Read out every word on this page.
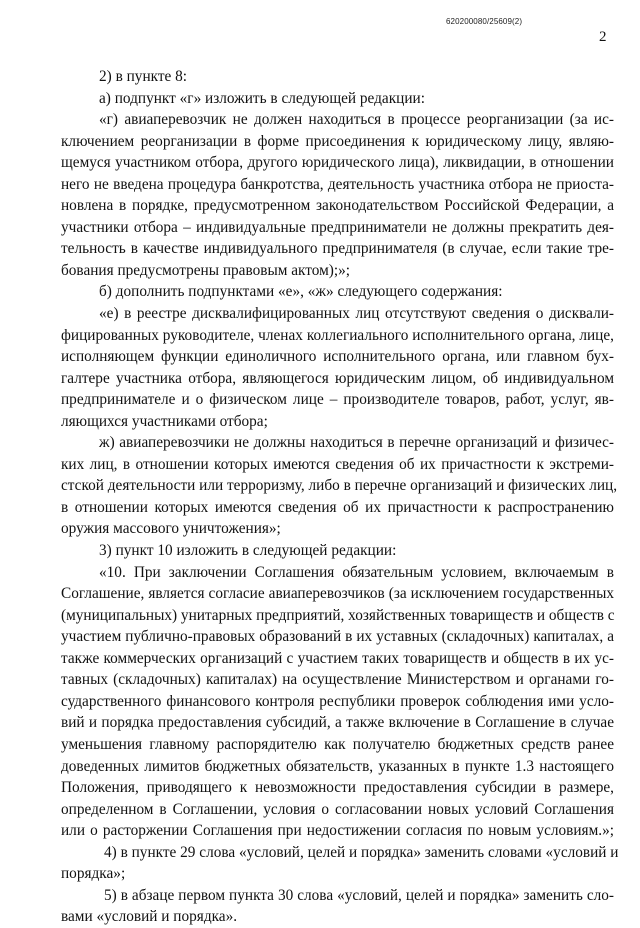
620200080/25609(2)
2
2) в пункте 8:
а) подпункт «г» изложить в следующей редакции:
«г) авиаперевозчик не должен находиться в процессе реорганизации (за ис-
ключением реорганизации в форме присоединения к юридическому лицу, являю-
щемуся участником отбора, другого юридического лица), ликвидации, в отношении
него не введена процедура банкротства, деятельность участника отбора не приоста-
новлена в порядке, предусмотренном законодательством Российской Федерации, а
участники отбора – индивидуальные предприниматели не должны прекратить дея-
тельность в качестве индивидуального предпринимателя (в случае, если такие тре-
бования предусмотрены правовым актом);»;
б) дополнить подпунктами «е», «ж» следующего содержания:
«е) в реестре дисквалифицированных лиц отсутствуют сведения о дисквали-
фицированных руководителе, членах коллегиального исполнительного органа, лице,
исполняющем функции единоличного исполнительного органа, или главном бух-
галтере участника отбора, являющегося юридическим лицом, об индивидуальном
предпринимателе и о физическом лице – производителе товаров, работ, услуг, яв-
ляющихся участниками отбора;
ж) авиаперевозчики не должны находиться в перечне организаций и физичес-
ких лиц, в отношении которых имеются сведения об их причастности к экстреми-
стской деятельности или терроризму, либо в перечне организаций и физических лиц,
в отношении которых имеются сведения об их причастности к распространению
оружия массового уничтожения»;
3) пункт 10 изложить в следующей редакции:
«10. При заключении Соглашения обязательным условием, включаемым в
Соглашение, является согласие авиаперевозчиков (за исключением государственных
(муниципальных) унитарных предприятий, хозяйственных товариществ и обществ с
участием публично-правовых образований в их уставных (складочных) капиталах, а
также коммерческих организаций с участием таких товариществ и обществ в их ус-
тавных (складочных) капиталах) на осуществление Министерством и органами го-
сударственного финансового контроля республики проверок соблюдения ими усло-
вий и порядка предоставления субсидий, а также включение в Соглашение в случае
уменьшения главному распорядителю как получателю бюджетных средств ранее
доведенных лимитов бюджетных обязательств, указанных в пункте 1.3 настоящего
Положения, приводящего к невозможности предоставления субсидии в размере,
определенном в Соглашении, условия о согласовании новых условий Соглашения
или о расторжении Соглашения при недостижении согласия по новым условиям.»;
4) в пункте 29 слова «условий, целей и порядка» заменить словами «условий и
порядка»;
5) в абзаце первом пункта 30 слова «условий, целей и порядка» заменить сло-
вами «условий и порядка».
